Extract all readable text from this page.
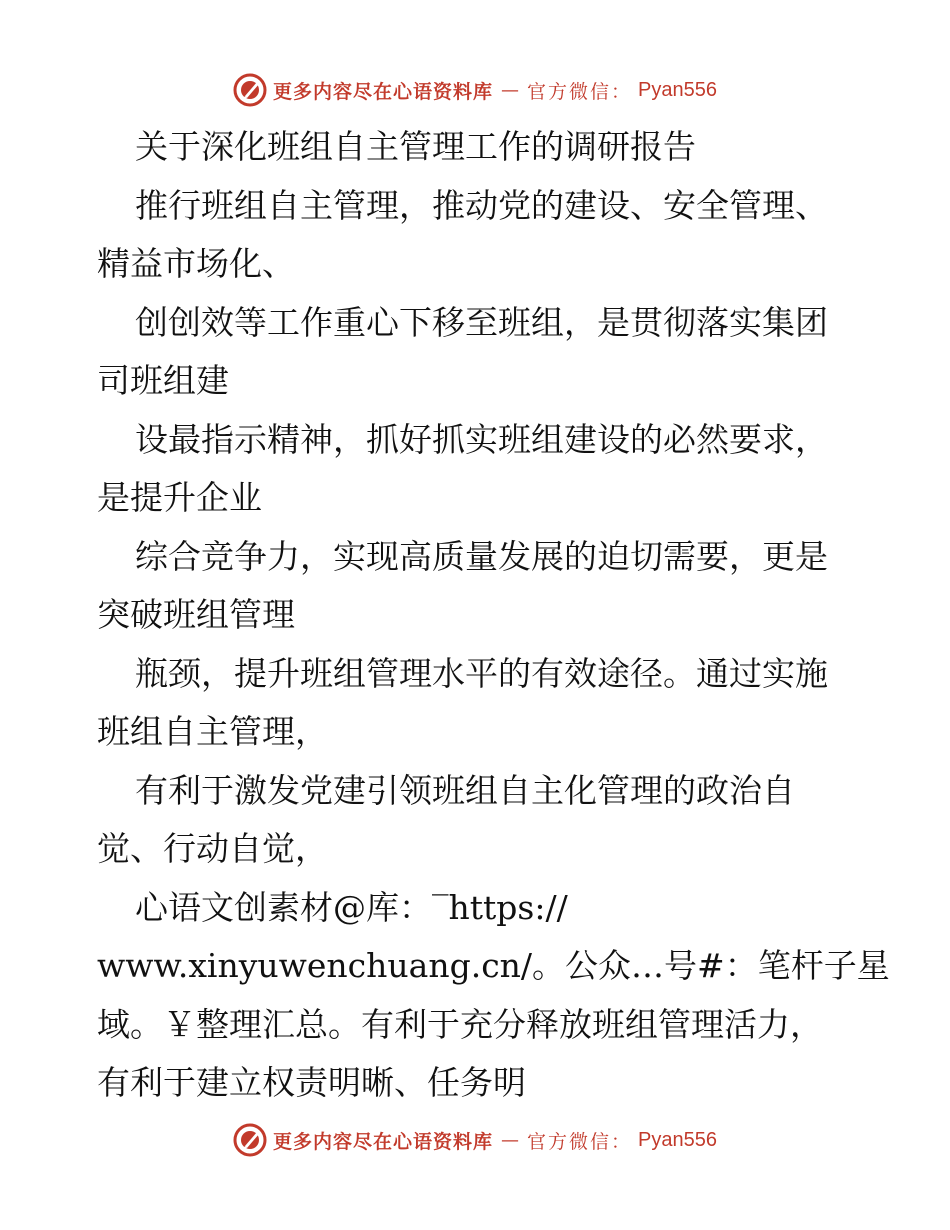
更多内容尽在心语资料库 — 官方微信： Pyan556
关于深化班组自主管理工作的调研报告
推行班组自主管理，推动党的建设、安全管理、
精益市场化、
创创效等工作重心下移至班组，是贯彻落实集团
司班组建
设最指示精神，抓好抓实班组建设的必然要求，
是提升企业
综合竞争力，实现高质量发展的迫切需要，更是
突破班组管理
瓶颈，提升班组管理水平的有效途径。通过实施
班组自主管理，
有利于激发党建引领班组自主化管理的政治自
觉、行动自觉，
心语文创素材@库：‾https://
www.xinyuwenchuang.cn/。公众…号#：笔杆子星
域。￥整理汇总。有利于充分释放班组管理活力，
有利于建立权责明晰、任务明
更多内容尽在心语资料库 — 官方微信： Pyan556
